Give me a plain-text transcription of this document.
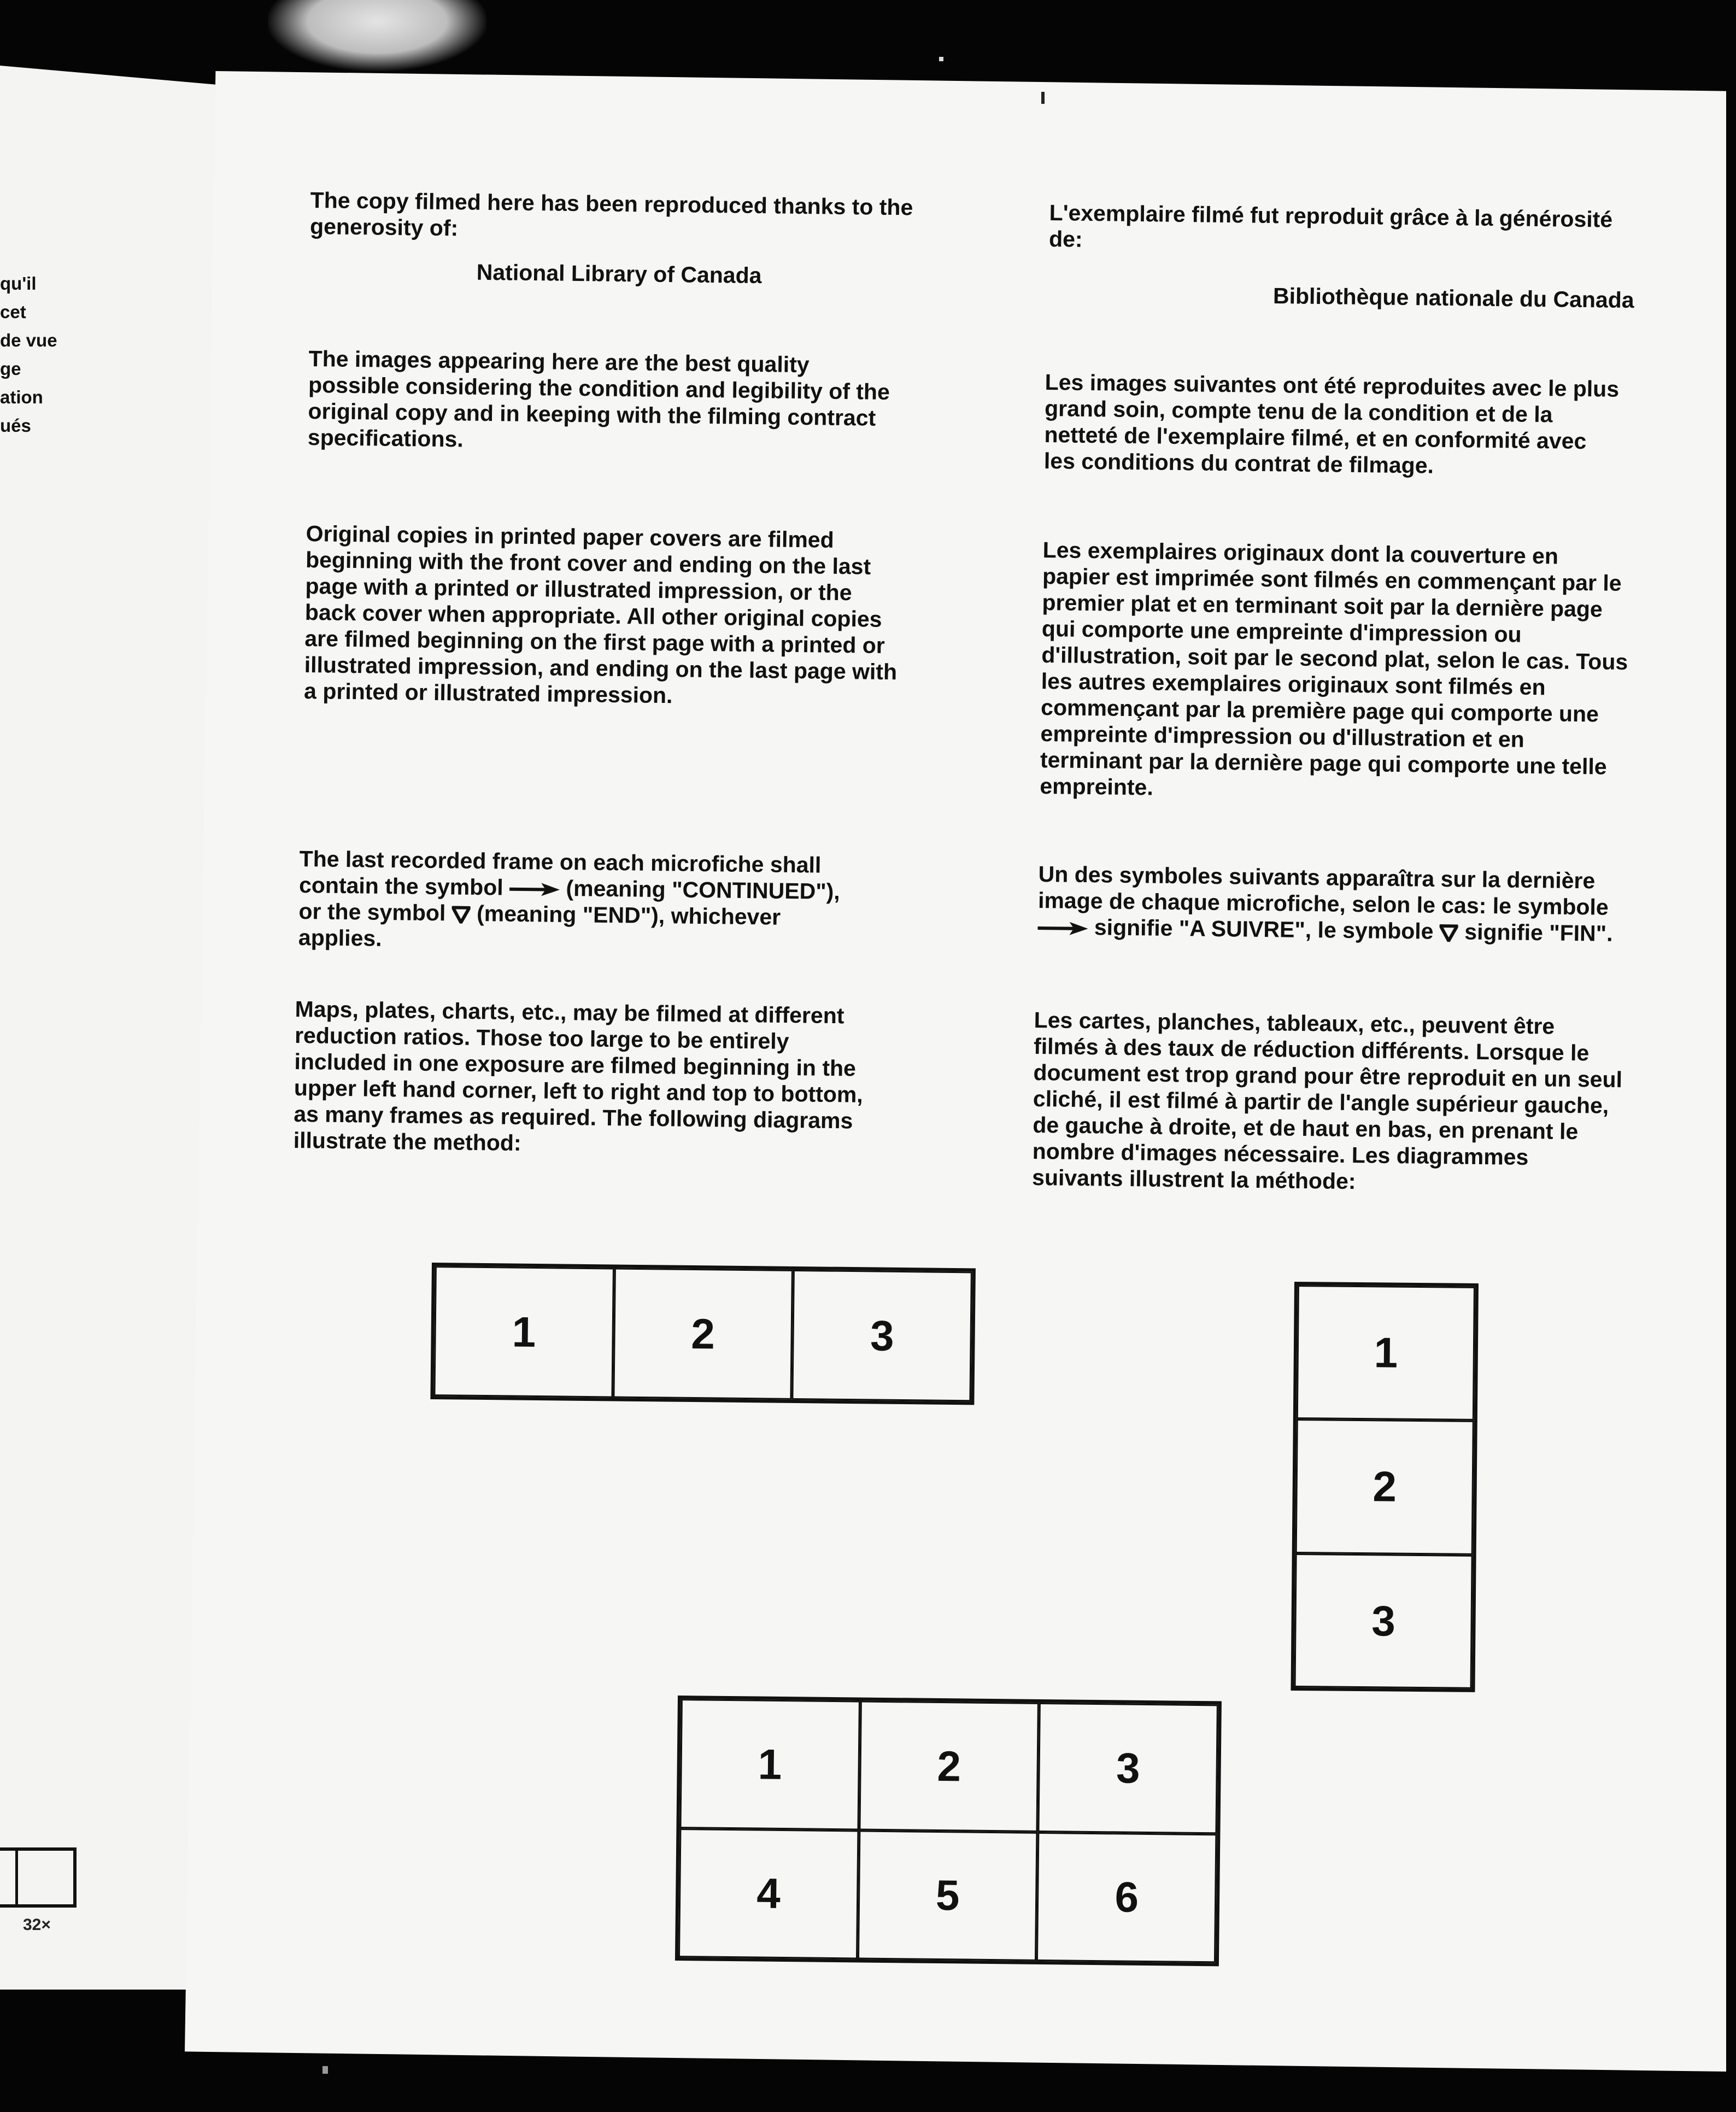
qu'il
cet
de vue
ge
ation
ués
32×
The copy filmed here has been reproduced thanks to the generosity of:
National Library of Canada
The images appearing here are the best quality possible considering the condition and legibility of the original copy and in keeping with the filming contract specifications.
Original copies in printed paper covers are filmed beginning with the front cover and ending on the last page with a printed or illustrated impression, or the back cover when appropriate. All other original copies are filmed beginning on the first page with a printed or illustrated impression, and ending on the last page with a printed or illustrated impression.
The last recorded frame on each microfiche shall contain the symbol	(meaning "CONTINUED"), or the symbol (meaning "END"), whichever applies.
Maps, plates, charts, etc., may be filmed at different reduction ratios. Those too large to be entirely included in one exposure are filmed beginning in the upper left hand corner, left to right and top to bottom, as many frames as required. The following diagrams illustrate the method:
L'exemplaire filmé fut reproduit grâce à la générosité de:
Bibliothèque nationale du Canada
Les images suivantes ont été reproduites avec le plus grand soin, compte tenu de la condition et de la netteté de l'exemplaire filmé, et en conformité avec les conditions du contrat de filmage.
Les exemplaires originaux dont la couverture en papier est imprimée sont filmés en commençant par le premier plat et en terminant soit par la dernière page qui comporte une empreinte d'impression ou d'illustration, soit par le second plat, selon le cas. Tous les autres exemplaires originaux sont filmés en commençant par la première page qui comporte une empreinte d'impression ou d'illustration et en terminant par la dernière page qui comporte une telle empreinte.
Un des symboles suivants apparaîtra sur la dernière image de chaque microfiche, selon le cas: le symbole  signifie "A SUIVRE", le symbole signifie "FIN".
Les cartes, planches, tableaux, etc., peuvent être filmés à des taux de réduction différents. Lorsque le document est trop grand pour être reproduit en un seul cliché, il est filmé à partir de l'angle supérieur gauche, de gauche à droite, et de haut en bas, en prenant le nombre d'images nécessaire. Les diagrammes suivants illustrent la méthode:
1	2	3	1
2
3
1	2	3
4	5	6
